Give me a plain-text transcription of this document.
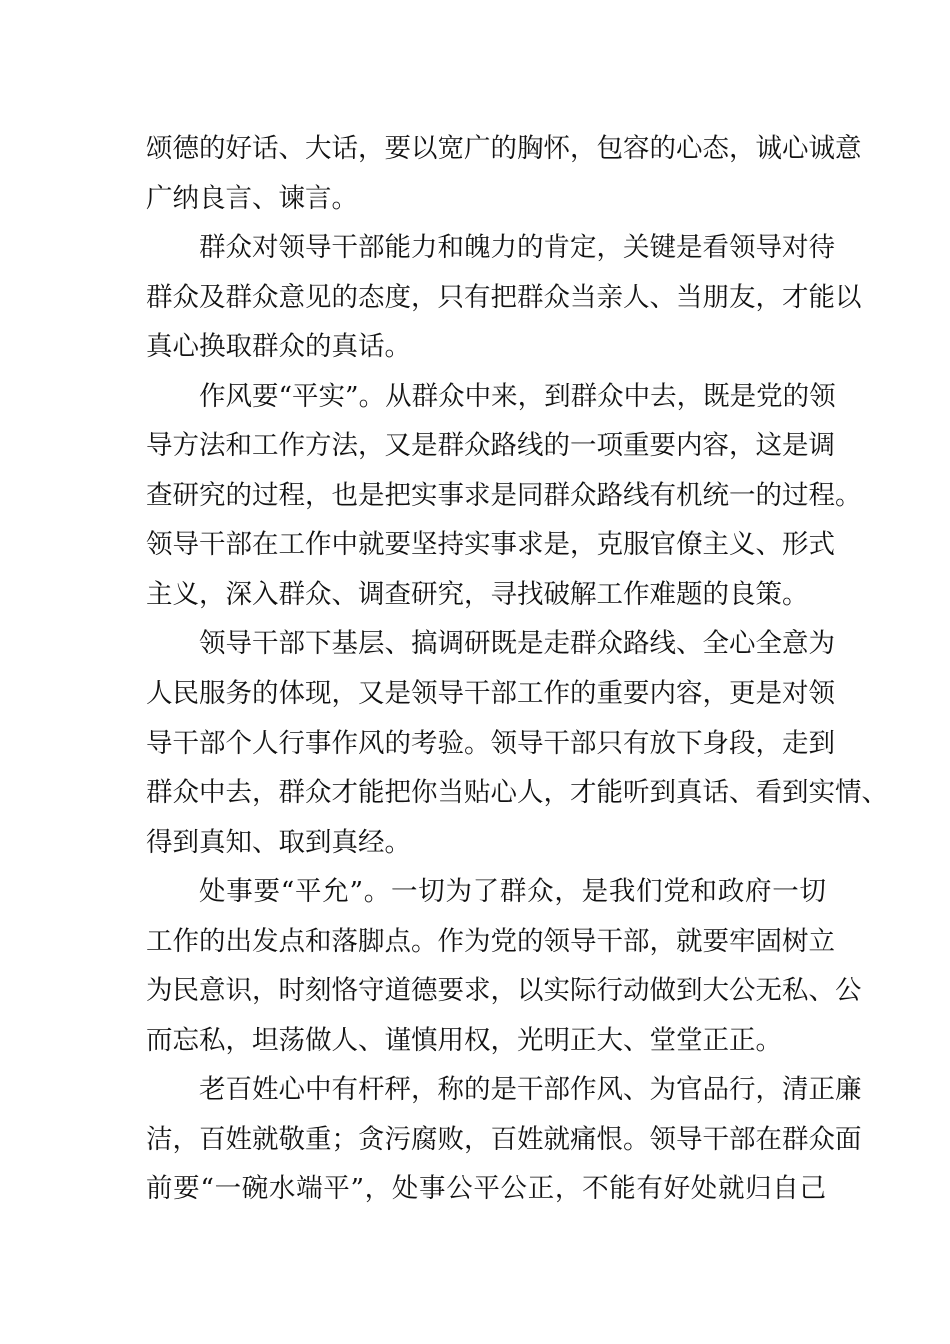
颂德的好话、大话，要以宽广的胸怀，包容的心态，诚心诚意
广纳良言、谏言。
群众对领导干部能力和魄力的肯定，关键是看领导对待
群众及群众意见的态度，只有把群众当亲人、当朋友，才能以
真心换取群众的真话。
作风要“平实”。从群众中来，到群众中去，既是党的领
导方法和工作方法，又是群众路线的一项重要内容，这是调
查研究的过程，也是把实事求是同群众路线有机统一的过程。
领导干部在工作中就要坚持实事求是，克服官僚主义、形式
主义，深入群众、调查研究，寻找破解工作难题的良策。
领导干部下基层、搞调研既是走群众路线、全心全意为
人民服务的体现，又是领导干部工作的重要内容，更是对领
导干部个人行事作风的考验。领导干部只有放下身段，走到
群众中去，群众才能把你当贴心人，才能听到真话、看到实情、
得到真知、取到真经。
处事要“平允”。一切为了群众，是我们党和政府一切
工作的出发点和落脚点。作为党的领导干部，就要牢固树立
为民意识，时刻恪守道德要求，以实际行动做到大公无私、公
而忘私，坦荡做人、谨慎用权，光明正大、堂堂正正。
老百姓心中有杆秤，称的是干部作风、为官品行，清正廉
洁，百姓就敬重；贪污腐败，百姓就痛恨。领导干部在群众面
前要“一碗水端平”，处事公平公正，不能有好处就归自己
